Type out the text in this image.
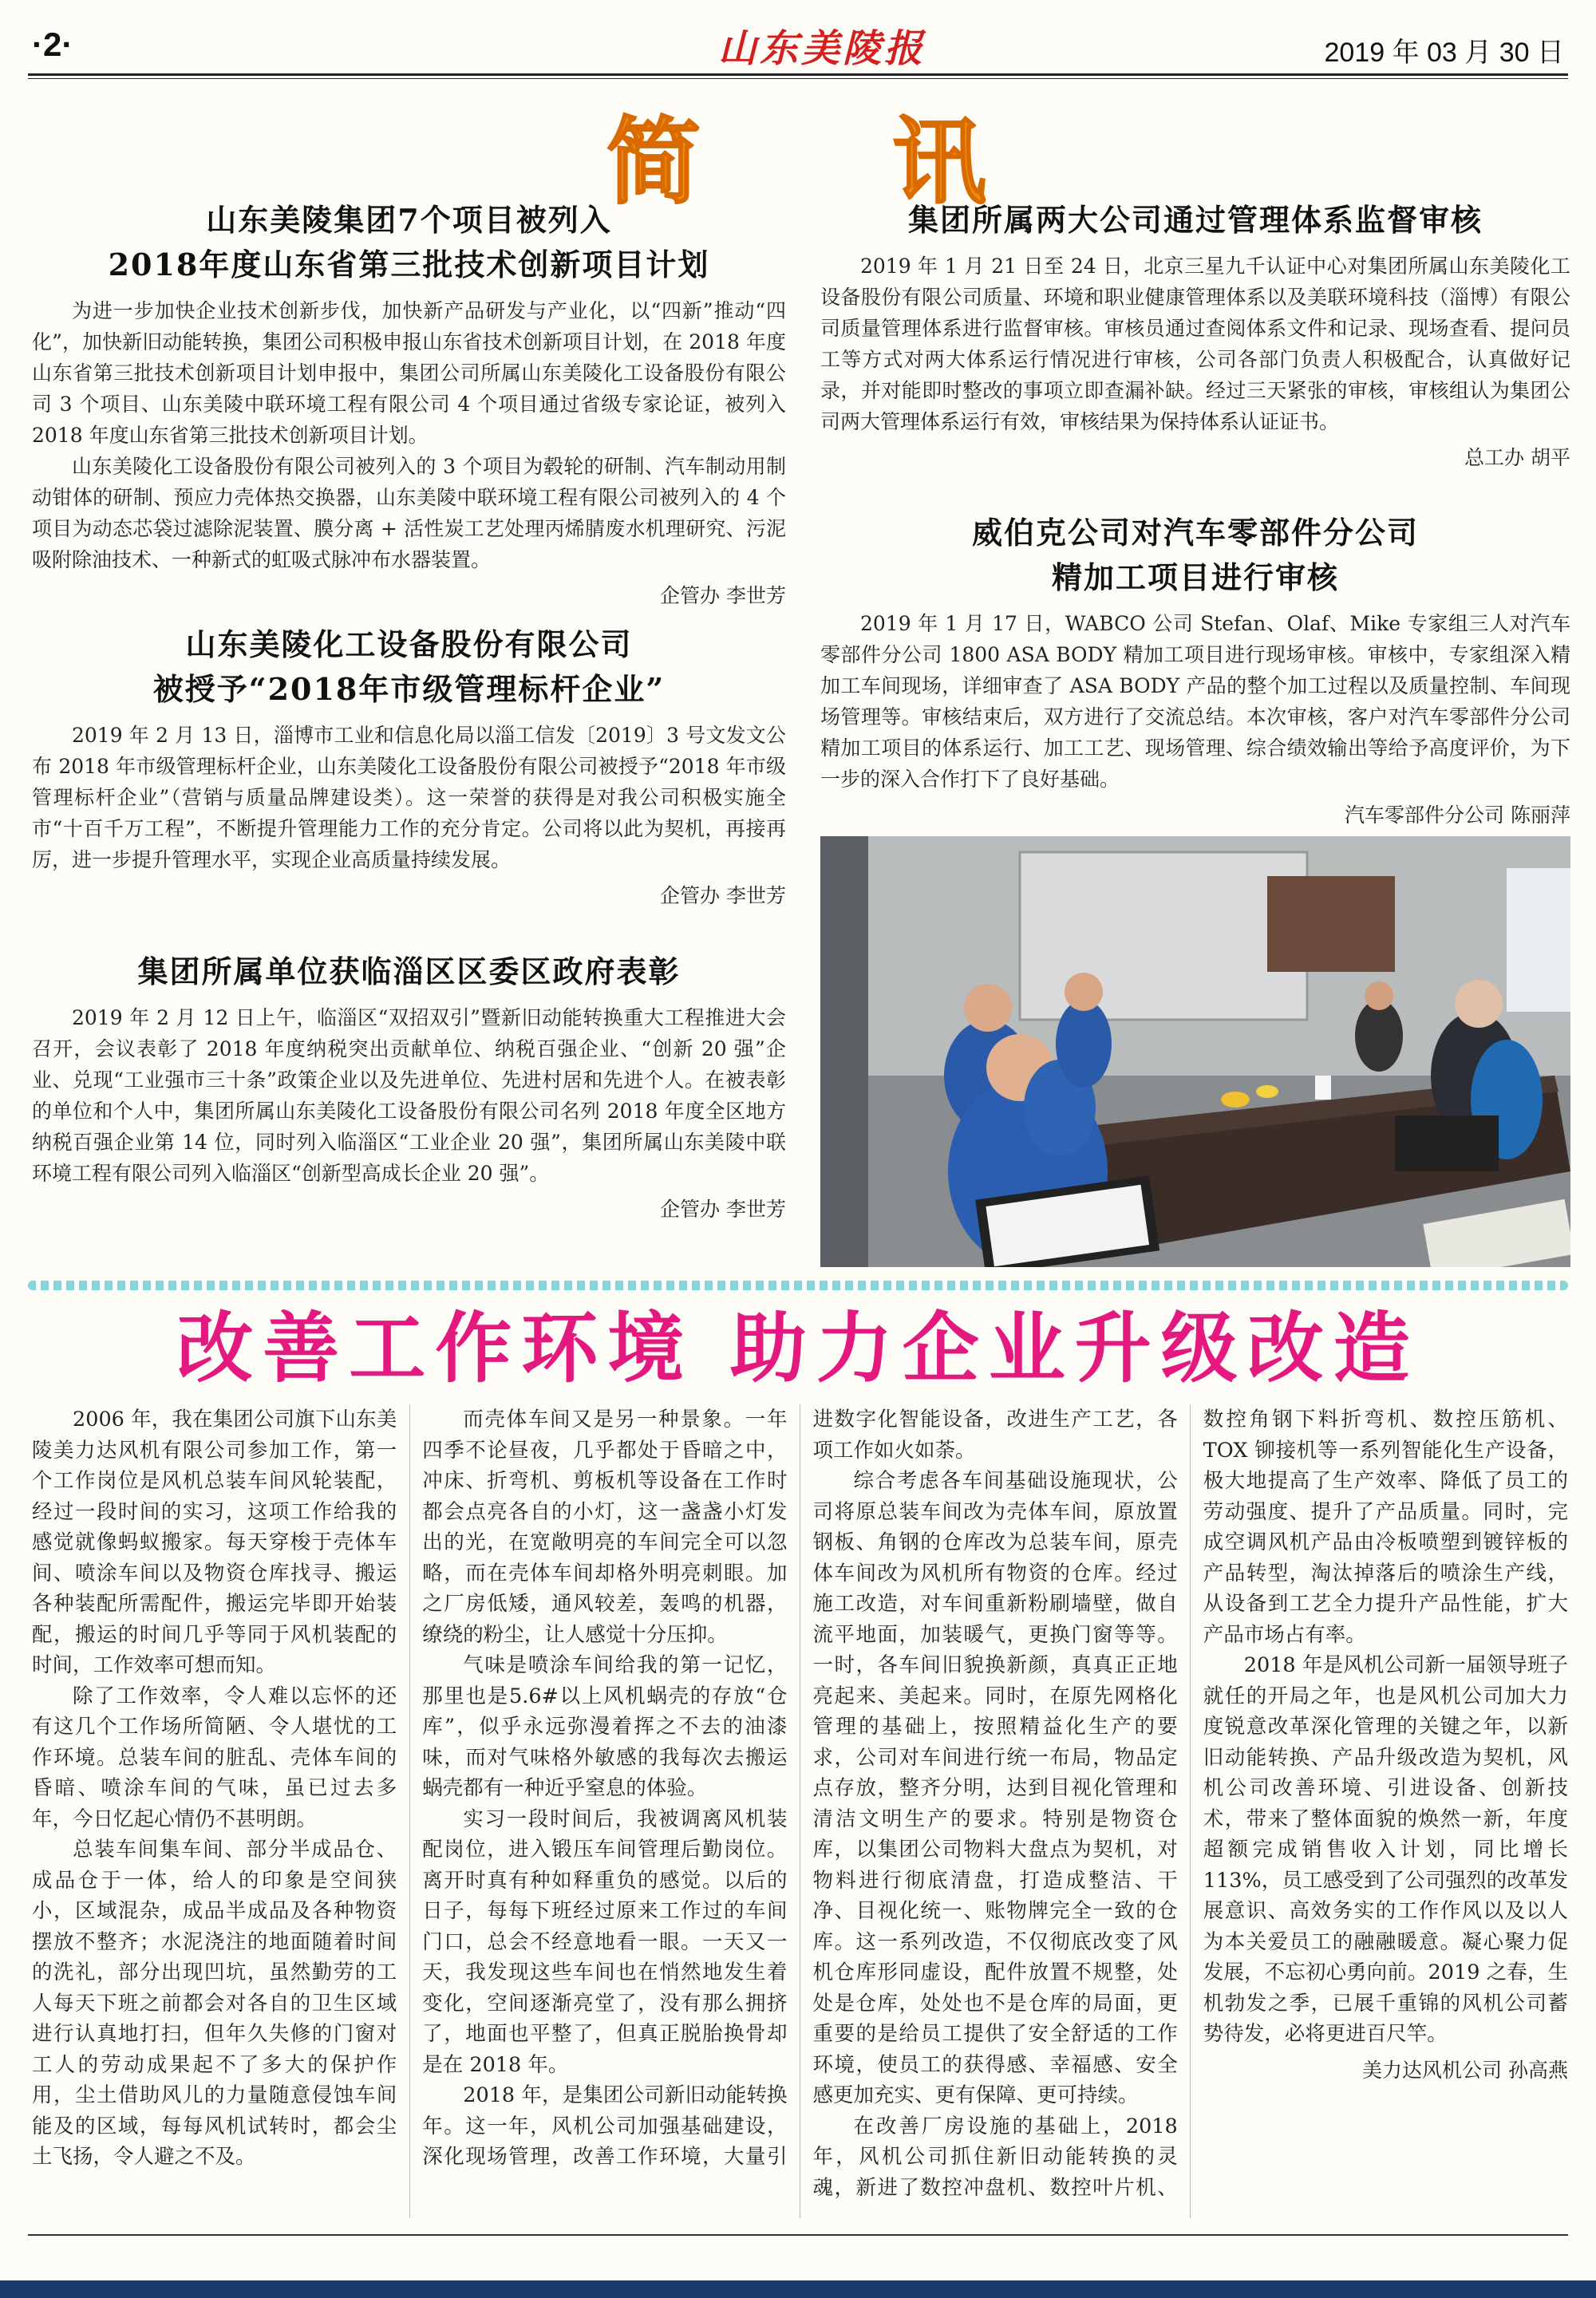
·2·	山东美陵报	2019 年 03 月 30 日
简 讯
山东美陵集团7个项目被列入
2018年度山东省第三批技术创新项目计划

为进一步加快企业技术创新步伐，加快新产品研发与产业化，以“四新”推动“四化”，加快新旧动能转换，集团公司积极申报山东省技术创新项目计划，在 2018 年度山东省第三批技术创新项目计划申报中，集团公司所属山东美陵化工设备股份有限公司 3 个项目、山东美陵中联环境工程有限公司 4 个项目通过省级专家论证，被列入 2018 年度山东省第三批技术创新项目计划。

山东美陵化工设备股份有限公司被列入的 3 个项目为毂轮的研制、汽车制动用制动钳体的研制、预应力壳体热交换器，山东美陵中联环境工程有限公司被列入的 4 个项目为动态芯袋过滤除泥装置、膜分离 + 活性炭工艺处理丙烯腈废水机理研究、污泥吸附除油技术、一种新式的虹吸式脉冲布水器装置。

企管办 李世芳
山东美陵化工设备股份有限公司
被授予“2018年市级管理标杆企业”

2019 年 2 月 13 日，淄博市工业和信息化局以淄工信发〔2019〕3 号文发文公布 2018 年市级管理标杆企业，山东美陵化工设备股份有限公司被授予“2018 年市级管理标杆企业”（营销与质量品牌建设类）。这一荣誉的获得是对我公司积极实施全市“十百千万工程”，不断提升管理能力工作的充分肯定。公司将以此为契机，再接再厉，进一步提升管理水平，实现企业高质量持续发展。

企管办 李世芳
集团所属单位获临淄区区委区政府表彰

2019 年 2 月 12 日上午，临淄区“双招双引”暨新旧动能转换重大工程推进大会召开，会议表彰了 2018 年度纳税突出贡献单位、纳税百强企业、“创新 20 强”企业、兑现“工业强市三十条”政策企业以及先进单位、先进村居和先进个人。在被表彰的单位和个人中，集团所属山东美陵化工设备股份有限公司名列 2018 年度全区地方纳税百强企业第 14 位，同时列入临淄区“工业企业 20 强”，集团所属山东美陵中联环境工程有限公司列入临淄区“创新型高成长企业 20 强”。

企管办 李世芳
集团所属两大公司通过管理体系监督审核

2019 年 1 月 21 日至 24 日，北京三星九千认证中心对集团所属山东美陵化工设备股份有限公司质量、环境和职业健康管理体系以及美联环境科技（淄博）有限公司质量管理体系进行监督审核。审核员通过查阅体系文件和记录、现场查看、提问员工等方式对两大体系运行情况进行审核，公司各部门负责人积极配合，认真做好记录，并对能即时整改的事项立即查漏补缺。经过三天紧张的审核，审核组认为集团公司两大管理体系运行有效，审核结果为保持体系认证证书。

总工办 胡平
威伯克公司对汽车零部件分公司
精加工项目进行审核

2019 年 1 月 17 日，WABCO 公司 Stefan、Olaf、Mike 专家组三人对汽车零部件分公司 1800 ASA BODY 精加工项目进行现场审核。审核中，专家组深入精加工车间现场，详细审查了 ASA BODY 产品的整个加工过程以及质量控制、车间现场管理等。审核结束后，双方进行了交流总结。本次审核，客户对汽车零部件分公司精加工项目的体系运行、加工工艺、现场管理、综合绩效输出等给予高度评价，为下一步的深入合作打下了良好基础。

汽车零部件分公司 陈丽萍
改善工作环境 助力企业升级改造

2006 年，我在集团公司旗下山东美陵美力达风机有限公司参加工作，第一个工作岗位是风机总装车间风轮装配，经过一段时间的实习，这项工作给我的感觉就像蚂蚁搬家。每天穿梭于壳体车间、喷涂车间以及物资仓库找寻、搬运各种装配所需配件，搬运完毕即开始装配，搬运的时间几乎等同于风机装配的时间，工作效率可想而知。

除了工作效率，令人难以忘怀的还有这几个工作场所简陋、令人堪忧的工作环境。总装车间的脏乱、壳体车间的昏暗、喷涂车间的气味，虽已过去多年，今日忆起心情仍不甚明朗。

总装车间集车间、部分半成品仓、成品仓于一体，给人的印象是空间狭小，区域混杂，成品半成品及各种物资摆放不整齐；水泥浇注的地面随着时间的洗礼，部分出现凹坑，虽然勤劳的工人每天下班之前都会对各自的卫生区域进行认真地打扫，但年久失修的门窗对工人的劳动成果起不了多大的保护作用，尘土借助风儿的力量随意侵蚀车间能及的区域，每每风机试转时，都会尘土飞扬，令人避之不及。

而壳体车间又是另一种景象。一年四季不论昼夜，几乎都处于昏暗之中，冲床、折弯机、剪板机等设备在工作时都会点亮各自的小灯，这一盏盏小灯发出的光，在宽敞明亮的车间完全可以忽略，而在壳体车间却格外明亮刺眼。加之厂房低矮，通风较差，轰鸣的机器，缭绕的粉尘，让人感觉十分压抑。

气味是喷涂车间给我的第一记忆，那里也是5.6#以上风机蜗壳的存放“仓库”，似乎永远弥漫着挥之不去的油漆味，而对气味格外敏感的我每次去搬运蜗壳都有一种近乎窒息的体验。

实习一段时间后，我被调离风机装配岗位，进入锻压车间管理后勤岗位。离开时真有种如释重负的感觉。以后的日子，每每下班经过原来工作过的车间门口，总会不经意地看一眼。一天又一天，我发现这些车间也在悄然地发生着变化，空间逐渐亮堂了，没有那么拥挤了，地面也平整了，但真正脱胎换骨却是在 2018 年。

2018 年，是集团公司新旧动能转换年。这一年，风机公司加强基础建设，深化现场管理，改善工作环境，大量引进数字化智能设备，改进生产工艺，各项工作如火如荼。

综合考虑各车间基础设施现状，公司将原总装车间改为壳体车间，原放置钢板、角钢的仓库改为总装车间，原壳体车间改为风机所有物资的仓库。经过施工改造，对车间重新粉刷墙壁，做自流平地面，加装暖气，更换门窗等等。一时，各车间旧貌换新颜，真真正正地亮起来、美起来。同时，在原先网格化管理的基础上，按照精益化生产的要求，公司对车间进行统一布局，物品定点存放，整齐分明，达到目视化管理和清洁文明生产的要求。特别是物资仓库，以集团公司物料大盘点为契机，对物料进行彻底清盘，打造成整洁、干净、目视化统一、账物牌完全一致的仓库。这一系列改造，不仅彻底改变了风机仓库形同虚设，配件放置不规整，处处是仓库，处处也不是仓库的局面，更重要的是给员工提供了安全舒适的工作环境，使员工的获得感、幸福感、安全感更加充实、更有保障、更可持续。

在改善厂房设施的基础上，2018 年，风机公司抓住新旧动能转换的灵魂，新进了数控冲盘机、数控叶片机、数控角钢下料折弯机、数控压筋机、TOX 铆接机等一系列智能化生产设备，极大地提高了生产效率、降低了员工的劳动强度、提升了产品质量。同时，完成空调风机产品由冷板喷塑到镀锌板的产品转型，淘汰掉落后的喷涂生产线，从设备到工艺全力提升产品性能，扩大产品市场占有率。

2018 年是风机公司新一届领导班子就任的开局之年，也是风机公司加大力度锐意改革深化管理的关键之年，以新旧动能转换、产品升级改造为契机，风机公司改善环境、引进设备、创新技术，带来了整体面貌的焕然一新，年度超额完成销售收入计划，同比增长 113%，员工感受到了公司强烈的改革发展意识、高效务实的工作作风以及以人为本关爱员工的融融暖意。凝心聚力促发展，不忘初心勇向前。2019 之春，生机勃发之季，已展千重锦的风机公司蓄势待发，必将更进百尺竿。

美力达风机公司 孙高燕
